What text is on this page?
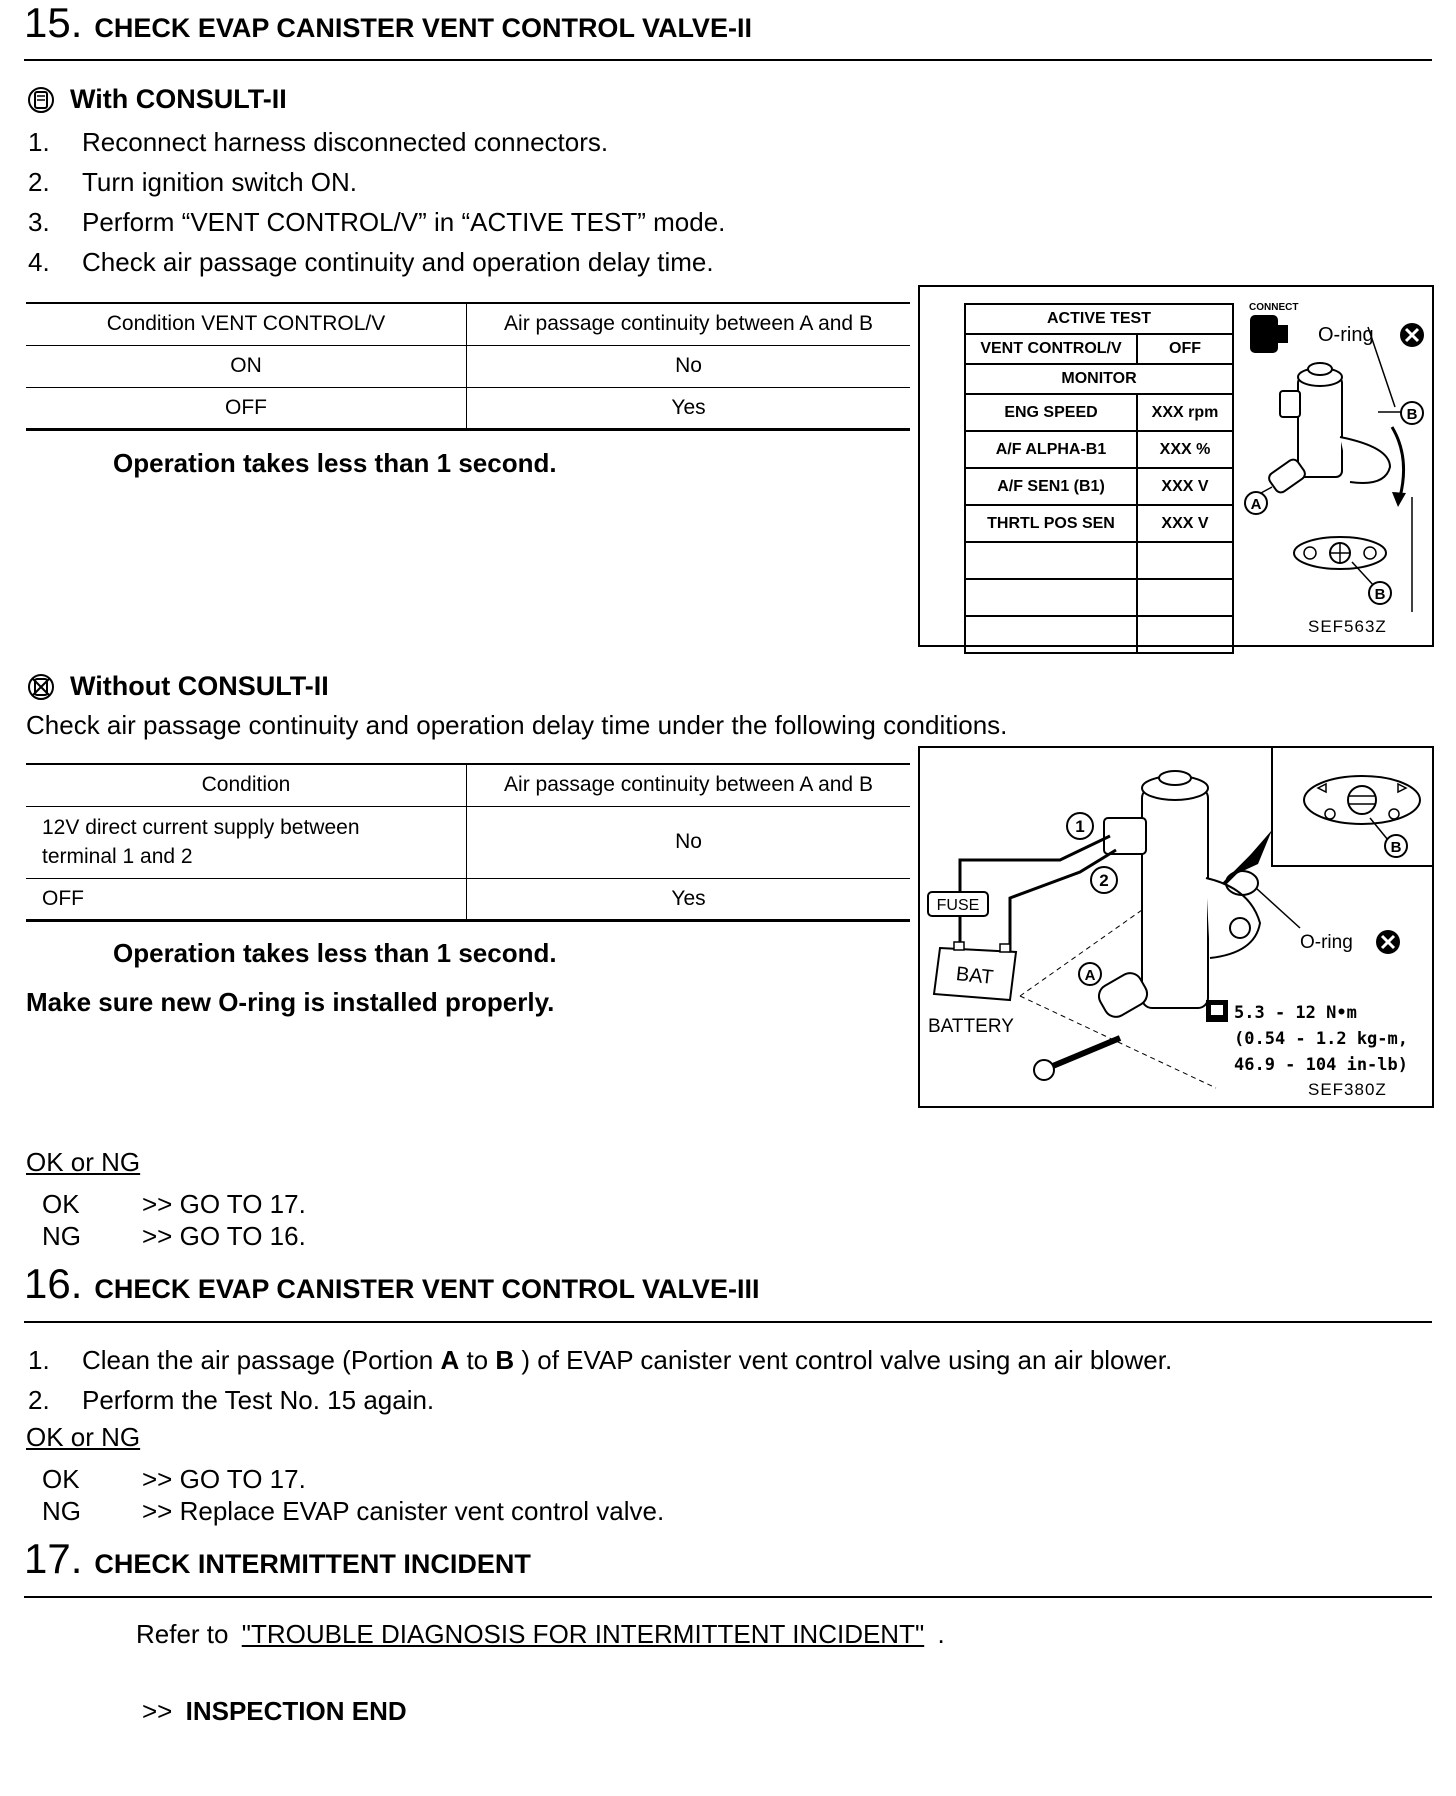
15. CHECK EVAP CANISTER VENT CONTROL VALVE-II
With CONSULT-II
1.	Reconnect harness disconnected connectors.
2.	Turn ignition switch ON.
3.	Perform “VENT CONTROL/V” in “ACTIVE TEST” mode.
4.	Check air passage continuity and operation delay time.
Condition VENT CONTROL/V	Air passage continuity between A and B
ON	No
OFF	Yes
Operation takes less than 1 second.
ACTIVE TEST	
VENT CONTROL/V	OFF
MONITOR	
ENG SPEED	XXX rpm
A/F ALPHA-B1	XXX %
A/F SEN1 (B1)	XXX V
THRTL POS SEN	XXX V

CONNECT
O-ring
B
A
B
SEF563Z
Without CONSULT-II
Check air passage continuity and operation delay time under the following conditions.
Condition	Air passage continuity between A and B

12V direct current supply between
terminal 1 and 2	No
OFF	Yes
Operation takes less than 1 second.
Make sure new O-ring is installed properly.
FUSE
BAT
BATTERY
1
2
A
B
O-ring
5.3 - 12 N•m
(0.54 - 1.2 kg-m,
46.9 - 104 in-lb)
SEF380Z
OK or NG
OK	>> GO TO 17.
NG	>> GO TO 16.
16. CHECK EVAP CANISTER VENT CONTROL VALVE-III
1.	Clean the air passage (Portion A to B ) of EVAP canister vent control valve using an air blower.
2.	Perform the Test No. 15 again.
OK or NG
OK	>> GO TO 17.
NG	>> Replace EVAP canister vent control valve.
17. CHECK INTERMITTENT INCIDENT
Refer to "TROUBLE DIAGNOSIS FOR INTERMITTENT INCIDENT" .
>> INSPECTION END
